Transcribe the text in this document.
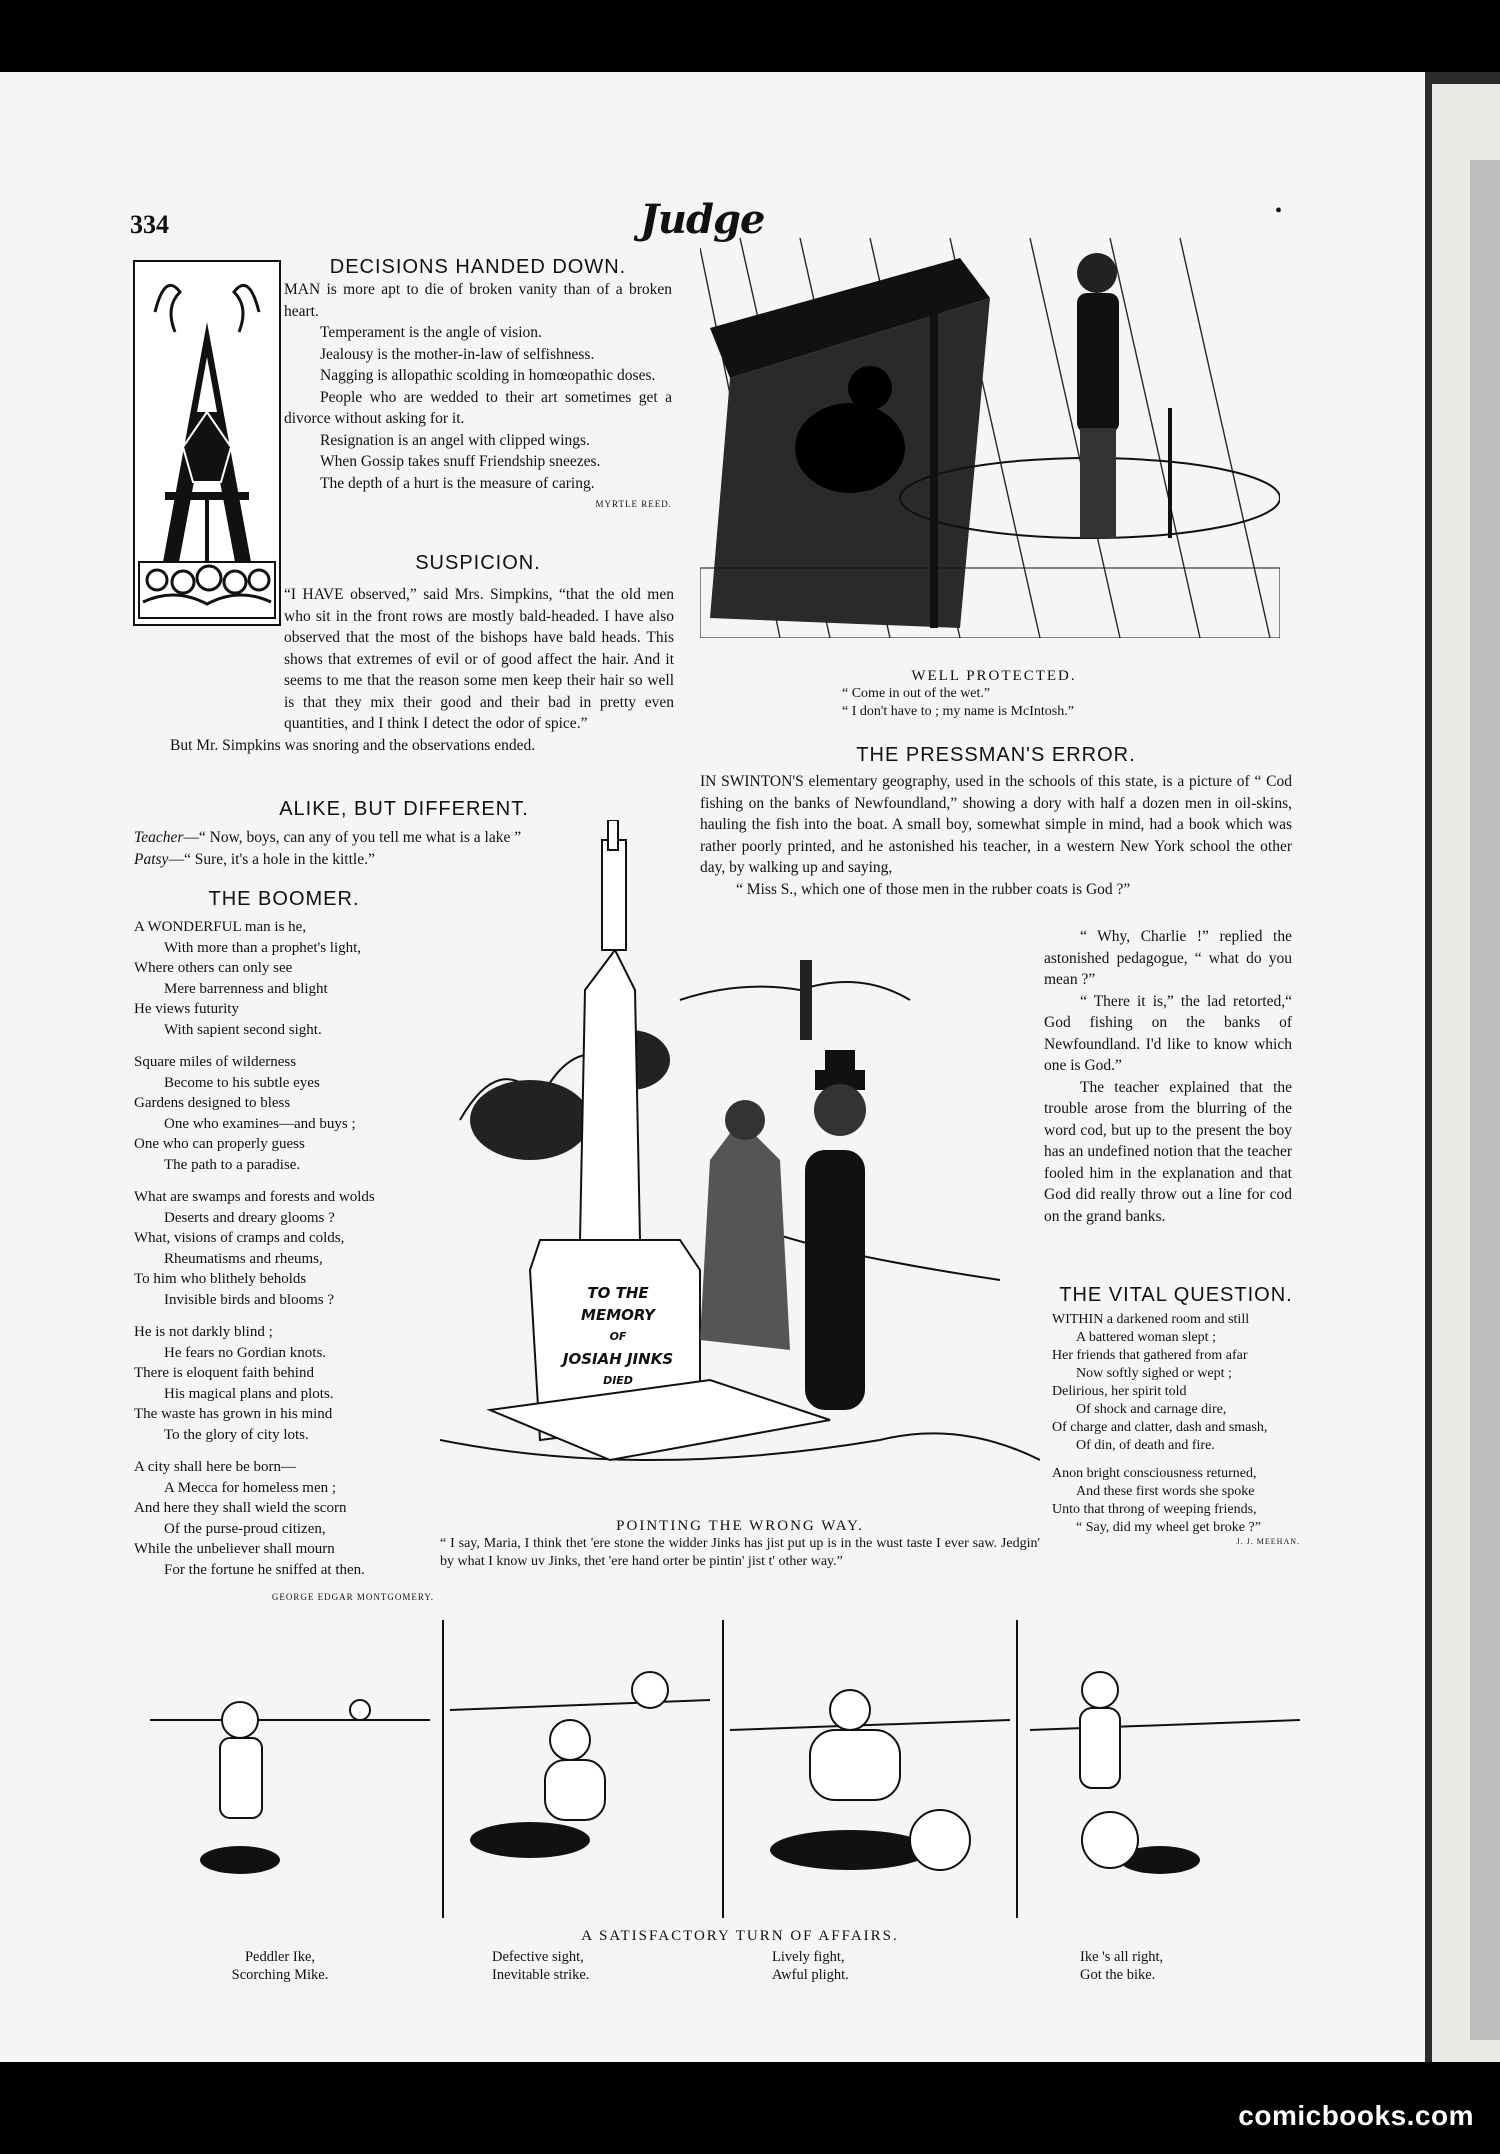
334	Judge	•
DECISIONS HANDED DOWN.

MAN is more apt to die of broken vanity than of a broken heart.

Temperament is the angle of vision.

Jealousy is the mother-in-law of selfishness.

Nagging is allopathic scolding in homœopathic doses.

People who are wedded to their art sometimes get a divorce without asking for it.

Resignation is an angel with clipped wings.

When Gossip takes snuff Friendship sneezes.

The depth of a hurt is the measure of caring.

MYRTLE REED.

SUSPICION.

“I HAVE observed,” said Mrs. Simpkins, “that the old men who sit in the front rows are mostly bald-headed. I have also observed that the most of the bishops have bald heads. This shows that extremes of evil or of good affect the hair. And it seems to me that the reason some men keep their hair so well is that they mix their good and their bad in pretty even quantities, and I think I detect the odor of spice.”

But Mr. Simpkins was snoring and the observations ended.

ALIKE, BUT DIFFERENT.

Teacher—“ Now, boys, can any of you tell me what is a lake ”

Patsy—“ Sure, it's a hole in the kittle.”

THE BOOMER.
A WONDERFUL man is he,
With more than a prophet's light,
Where others can only see
Mere barrenness and blight
He views futurity
With sapient second sight.
Square miles of wilderness
Become to his subtle eyes
Gardens designed to bless
One who examines—and buys ;
One who can properly guess
The path to a paradise.
What are swamps and forests and wolds
Deserts and dreary glooms ?
What, visions of cramps and colds,
Rheumatisms and rheums,
To him who blithely beholds
Invisible birds and blooms ?
He is not darkly blind ;
He fears no Gordian knots.
There is eloquent faith behind
His magical plans and plots.
The waste has grown in his mind
To the glory of city lots.
A city shall here be born—
A Mecca for homeless men ;
And here they shall wield the scorn
Of the purse-proud citizen,
While the unbeliever shall mourn
For the fortune he sniffed at then.
GEORGE EDGAR MONTGOMERY.
WELL PROTECTED.
“ Come in out of the wet.”
“ I don't have to ; my name is McIntosh.”
THE PRESSMAN'S ERROR.

IN SWINTON'S elementary geography, used in the schools of this state, is a picture of “ Cod fishing on the banks of Newfoundland,” showing a dory with half a dozen men in oil-skins, hauling the fish into the boat. A small boy, somewhat simple in mind, had a book which was rather poorly printed, and he astonished his teacher, in a western New York school the other day, by walking up and saying,

“ Miss S., which one of those men in the rubber coats is God ?”

“ Why, Charlie !” replied the astonished pedagogue, “ what do you mean ?”

“ There it is,” the lad retorted,“ God fishing on the banks of Newfoundland. I'd like to know which one is God.”

The teacher explained that the trouble arose from the blurring of the word cod, but up to the present the boy has an undefined notion that the teacher fooled him in the explanation and that God did really throw out a line for cod on the grand banks.

THE VITAL QUESTION.
WITHIN a darkened room and still
A battered woman slept ;
Her friends that gathered from afar
Now softly sighed or wept ;
Delirious, her spirit told
Of shock and carnage dire,
Of charge and clatter, dash and smash,
Of din, of death and fire.
Anon bright consciousness returned,
And these first words she spoke
Unto that throng of weeping friends,
“ Say, did my wheel get broke ?”
J. J. MEEHAN.
TO THE
MEMORY
OF
JOSIAH JINKS
DIED
POINTING THE WRONG WAY.
“ I say, Maria, I think thet 'ere stone the widder Jinks has jist put up is in the wust taste I ever saw. Jedgin' by what I know uv Jinks, thet 'ere hand orter be pintin' jist t' other way.”
A SATISFACTORY TURN OF AFFAIRS.
Peddler Ike,
Scorching Mike.
Defective sight,
Inevitable strike.
Lively fight,
Awful plight.
Ike 's all right,
Got the bike.
comicbooks.com
